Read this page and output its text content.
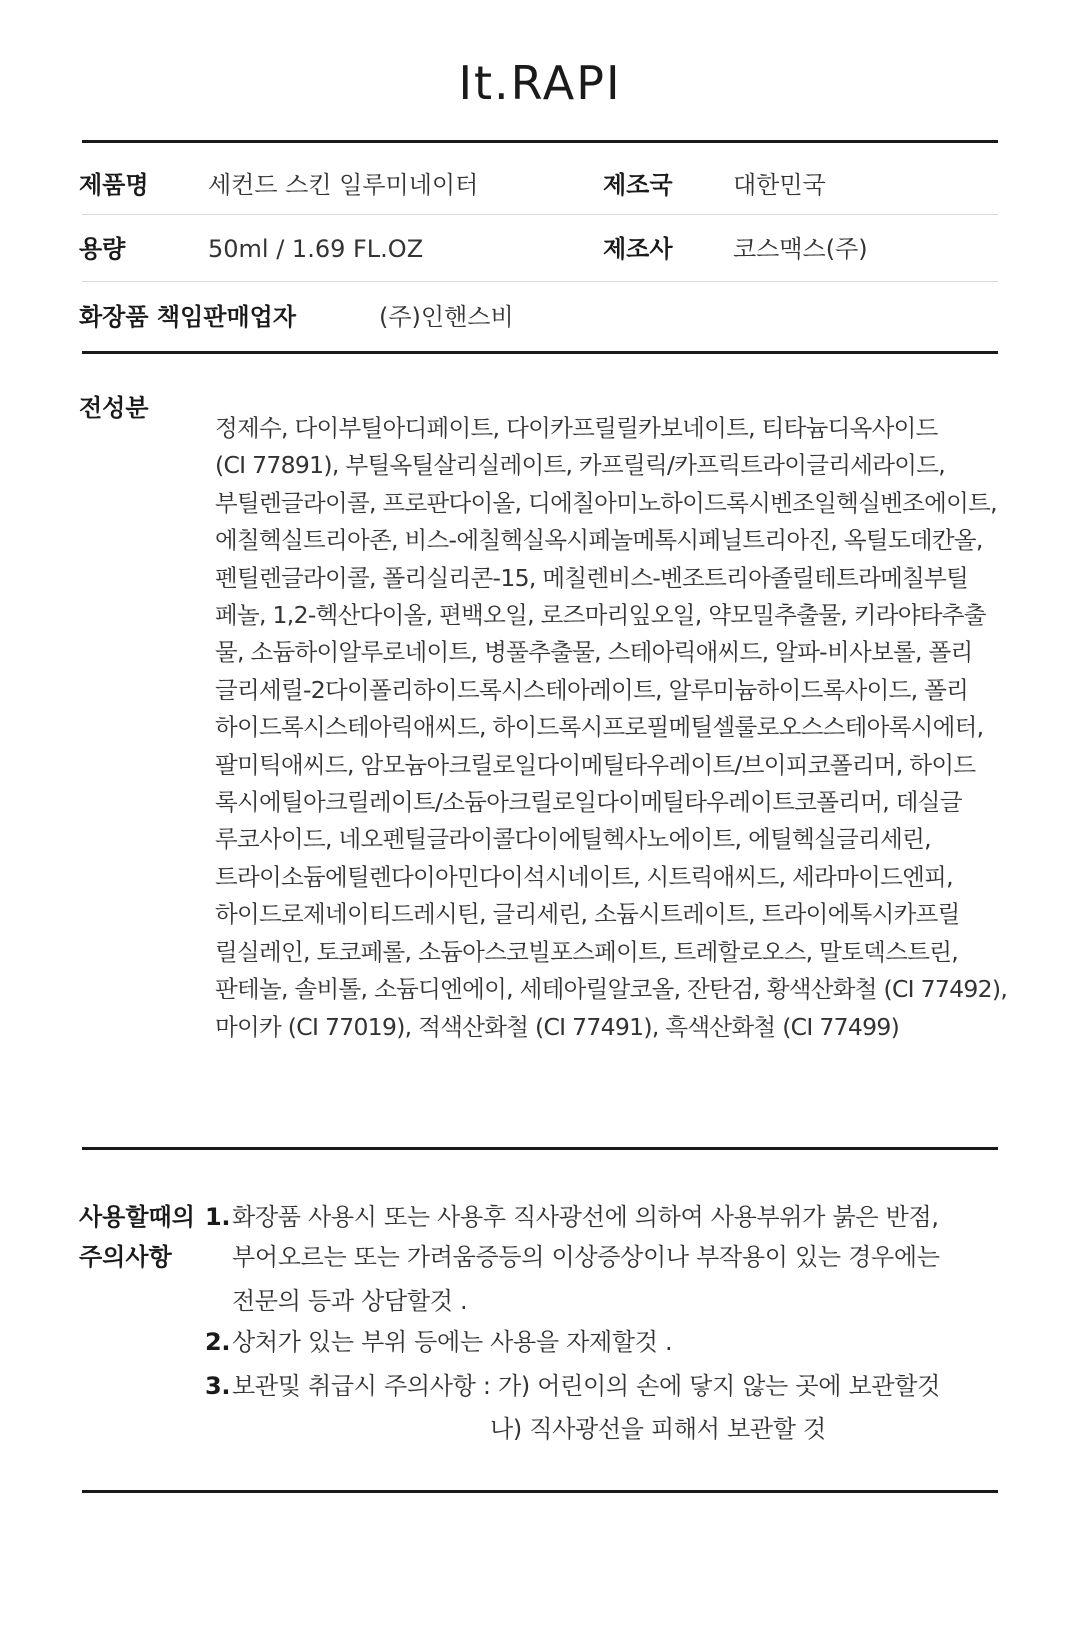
It.RAPI
제품명 세컨드 스킨 일루미네이터	제조국	대한민국
용량	50ml / 1.69 FL.OZ	제조사	코스맥스(주)
화장품 책임판매업자	(주)인핸스비
전성분
정제수, 다이부틸아디페이트, 다이카프릴릴카보네이트, 티타늄디옥사이드
(CI 77891), 부틸옥틸살리실레이트, 카프릴릭/카프릭트라이글리세라이드,
부틸렌글라이콜, 프로판다이올, 디에칠아미노하이드록시벤조일헥실벤조에이트,
에칠헥실트리아존, 비스-에칠헥실옥시페놀메톡시페닐트리아진, 옥틸도데칸올,
펜틸렌글라이콜, 폴리실리콘-15, 메칠렌비스-벤조트리아졸릴테트라메칠부틸
페놀, 1,2-헥산다이올, 편백오일, 로즈마리잎오일, 약모밀추출물, 키라야타추출
물, 소듐하이알루로네이트, 병풀추출물, 스테아릭애씨드, 알파-비사보롤, 폴리
글리세릴-2다이폴리하이드록시스테아레이트, 알루미늄하이드록사이드, 폴리
하이드록시스테아릭애씨드, 하이드록시프로필메틸셀룰로오스스테아록시에터,
팔미틱애씨드, 암모늄아크릴로일다이메틸타우레이트/브이피코폴리머, 하이드
록시에틸아크릴레이트/소듐아크릴로일다이메틸타우레이트코폴리머, 데실글
루코사이드, 네오펜틸글라이콜다이에틸헥사노에이트, 에틸헥실글리세린,
트라이소듐에틸렌다이아민다이석시네이트, 시트릭애씨드, 세라마이드엔피,
하이드로제네이티드레시틴, 글리세린, 소듐시트레이트, 트라이에톡시카프릴
릴실레인, 토코페롤, 소듐아스코빌포스페이트, 트레할로오스, 말토덱스트린,
판테놀, 솔비톨, 소듐디엔에이, 세테아릴알코올, 잔탄검, 황색산화철 (CI 77492),
마이카 (CI 77019), 적색산화철 (CI 77491), 흑색산화철 (CI 77499)
사용할때의
주의사항
1. 화장품 사용시 또는 사용후 직사광선에 의하여 사용부위가 붉은 반점,
부어오르는 또는 가려움증등의 이상증상이나 부작용이 있는 경우에는
전문의 등과 상담할것 .
2. 상처가 있는 부위 등에는 사용을 자제할것 .
3. 보관및 취급시 주의사항 : 가) 어린이의 손에 닿지 않는 곳에 보관할것
나) 직사광선을 피해서 보관할 것
